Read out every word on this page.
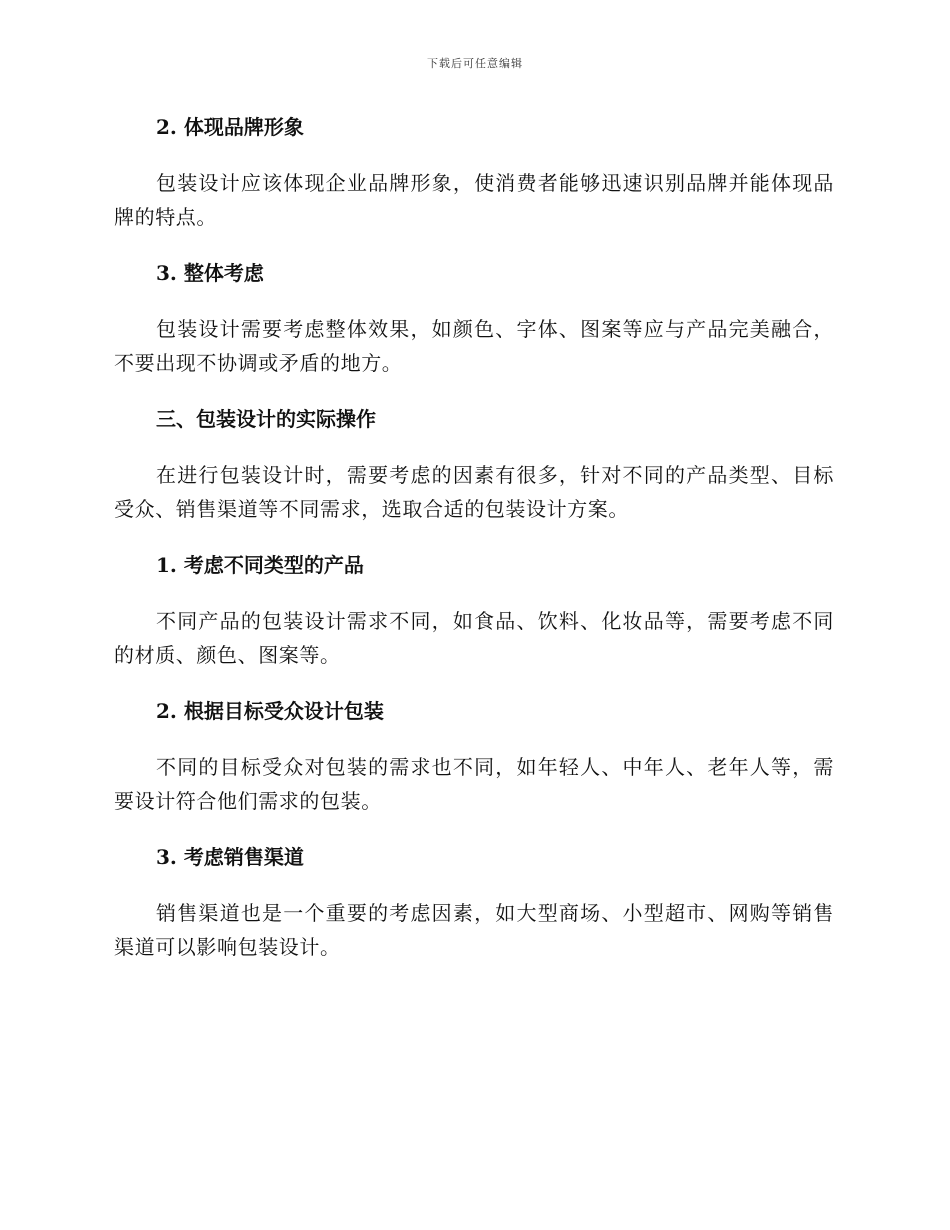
下载后可任意编辑
2. 体现品牌形象
包装设计应该体现企业品牌形象，使消费者能够迅速识别品牌并能体现品牌的特点。
3. 整体考虑
包装设计需要考虑整体效果，如颜色、字体、图案等应与产品完美融合，不要出现不协调或矛盾的地方。
三、包装设计的实际操作
在进行包装设计时，需要考虑的因素有很多，针对不同的产品类型、目标受众、销售渠道等不同需求，选取合适的包装设计方案。
1. 考虑不同类型的产品
不同产品的包装设计需求不同，如食品、饮料、化妆品等，需要考虑不同的材质、颜色、图案等。
2. 根据目标受众设计包装
不同的目标受众对包装的需求也不同，如年轻人、中年人、老年人等，需要设计符合他们需求的包装。
3. 考虑销售渠道
销售渠道也是一个重要的考虑因素，如大型商场、小型超市、网购等销售渠道可以影响包装设计。
